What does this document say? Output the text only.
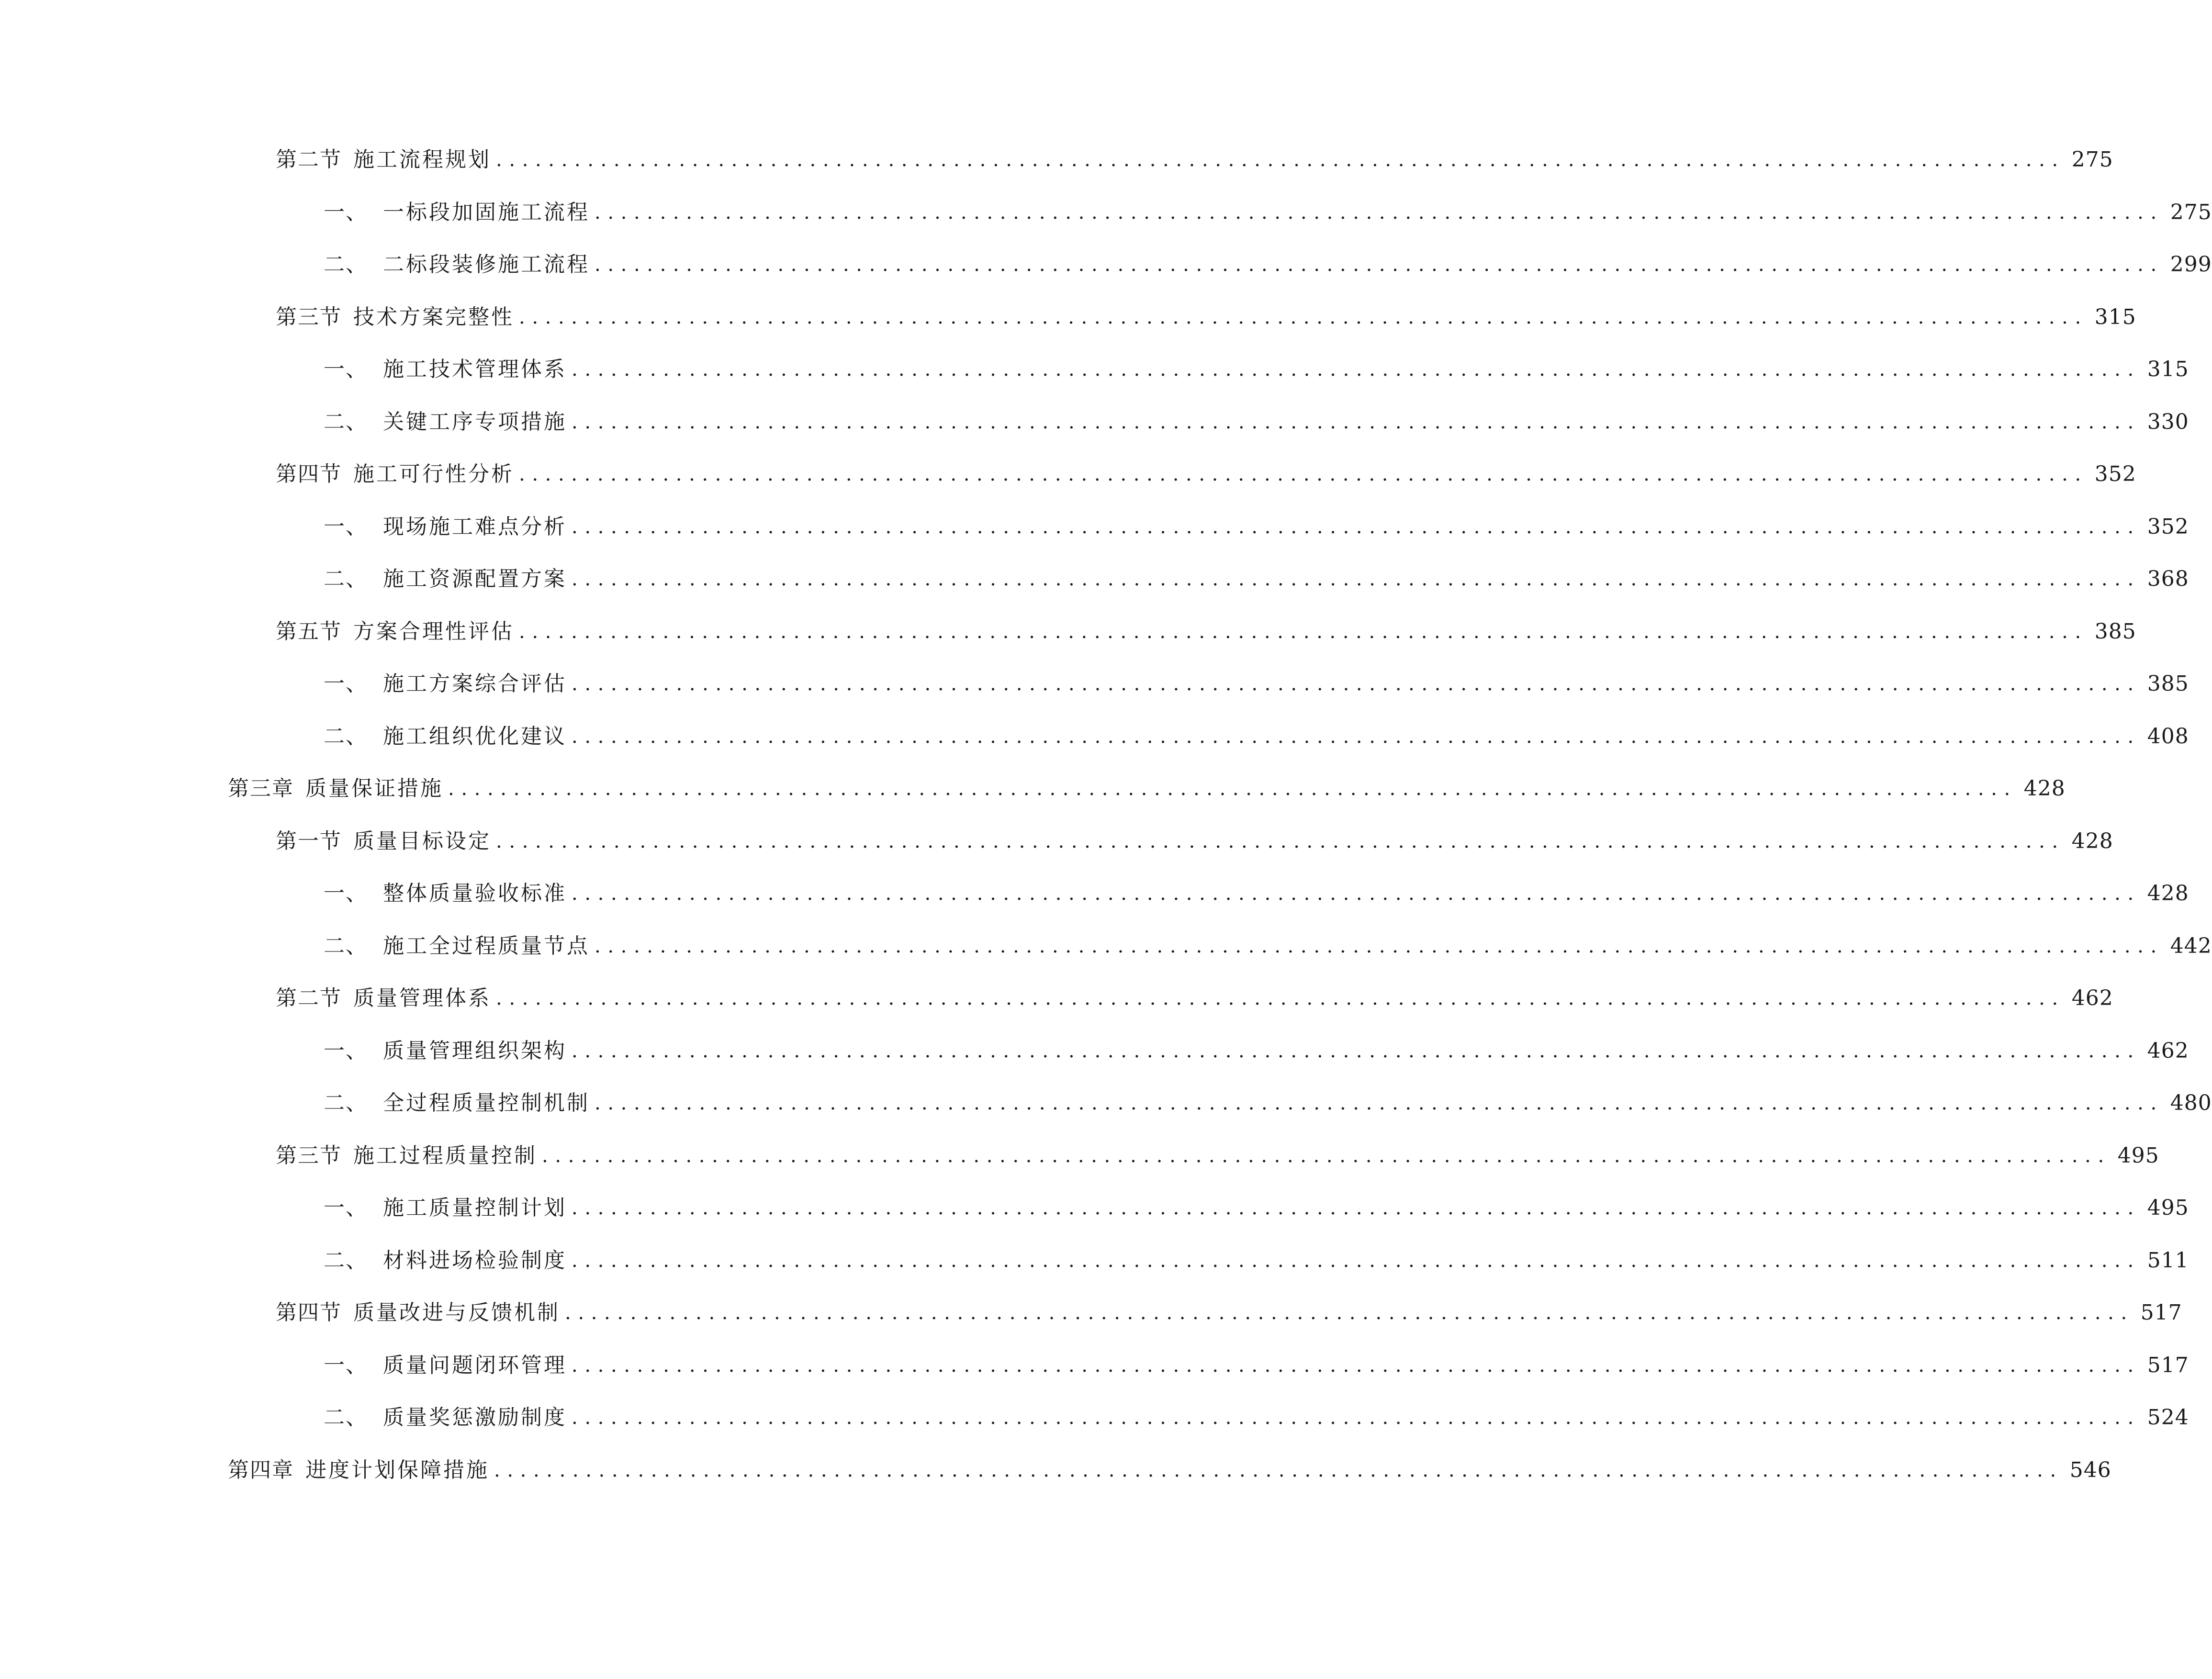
第二节 施工流程规划 ........................................................................................................................ 275
一、 一标段加固施工流程 ........................................................................................................................ 275
二、 二标段装修施工流程 ........................................................................................................................ 299
第三节 技术方案完整性 ........................................................................................................................ 315
一、 施工技术管理体系 ........................................................................................................................ 315
二、 关键工序专项措施 ........................................................................................................................ 330
第四节 施工可行性分析 ........................................................................................................................ 352
一、 现场施工难点分析 ........................................................................................................................ 352
二、 施工资源配置方案 ........................................................................................................................ 368
第五节 方案合理性评估 ........................................................................................................................ 385
一、 施工方案综合评估 ........................................................................................................................ 385
二、 施工组织优化建议 ........................................................................................................................ 408
第三章 质量保证措施 ........................................................................................................................ 428
第一节 质量目标设定 ........................................................................................................................ 428
一、 整体质量验收标准 ........................................................................................................................ 428
二、 施工全过程质量节点 ........................................................................................................................ 442
第二节 质量管理体系 ........................................................................................................................ 462
一、 质量管理组织架构 ........................................................................................................................ 462
二、 全过程质量控制机制 ........................................................................................................................ 480
第三节 施工过程质量控制 ........................................................................................................................ 495
一、 施工质量控制计划 ........................................................................................................................ 495
二、 材料进场检验制度 ........................................................................................................................ 511
第四节 质量改进与反馈机制 ........................................................................................................................ 517
一、 质量问题闭环管理 ........................................................................................................................ 517
二、 质量奖惩激励制度 ........................................................................................................................ 524
第四章 进度计划保障措施 ........................................................................................................................ 546
